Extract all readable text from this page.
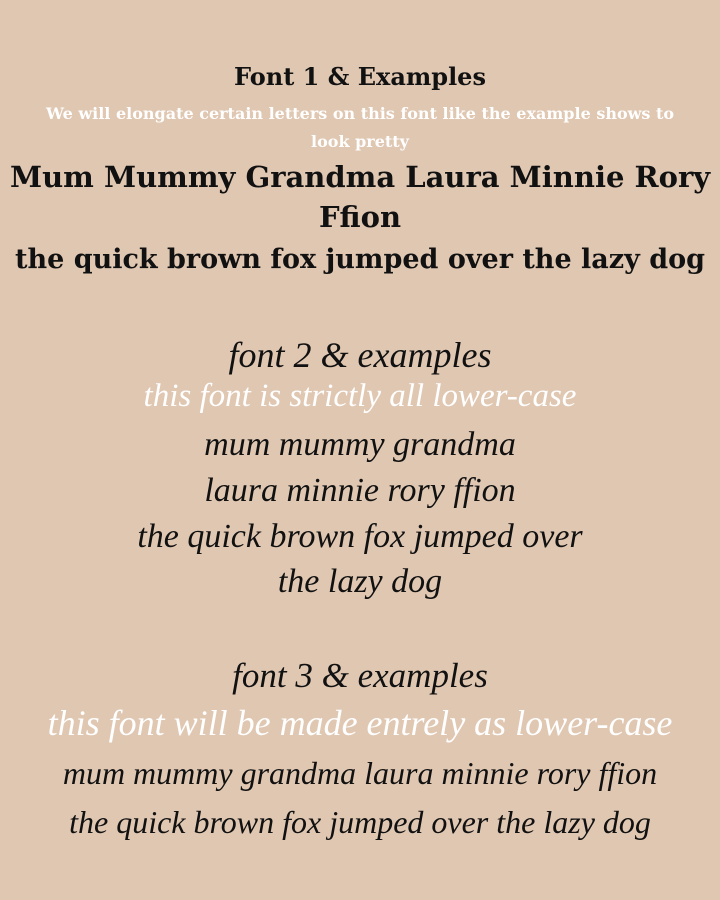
Font 1 & Examples
We will elongate certain letters on this font like the example shows to
look pretty
Mum Mummy Grandma Laura Minnie Rory
Ffion
the quick brown fox jumped over the lazy dog
font 2 & examples
this font is strictly all lower-case
mum mummy grandma
laura minnie rory ffion
the quick brown fox jumped over
the lazy dog
font 3 & examples
this font will be made entrely as lower-case
mum mummy grandma laura minnie rory ffion
the quick brown fox jumped over the lazy dog
